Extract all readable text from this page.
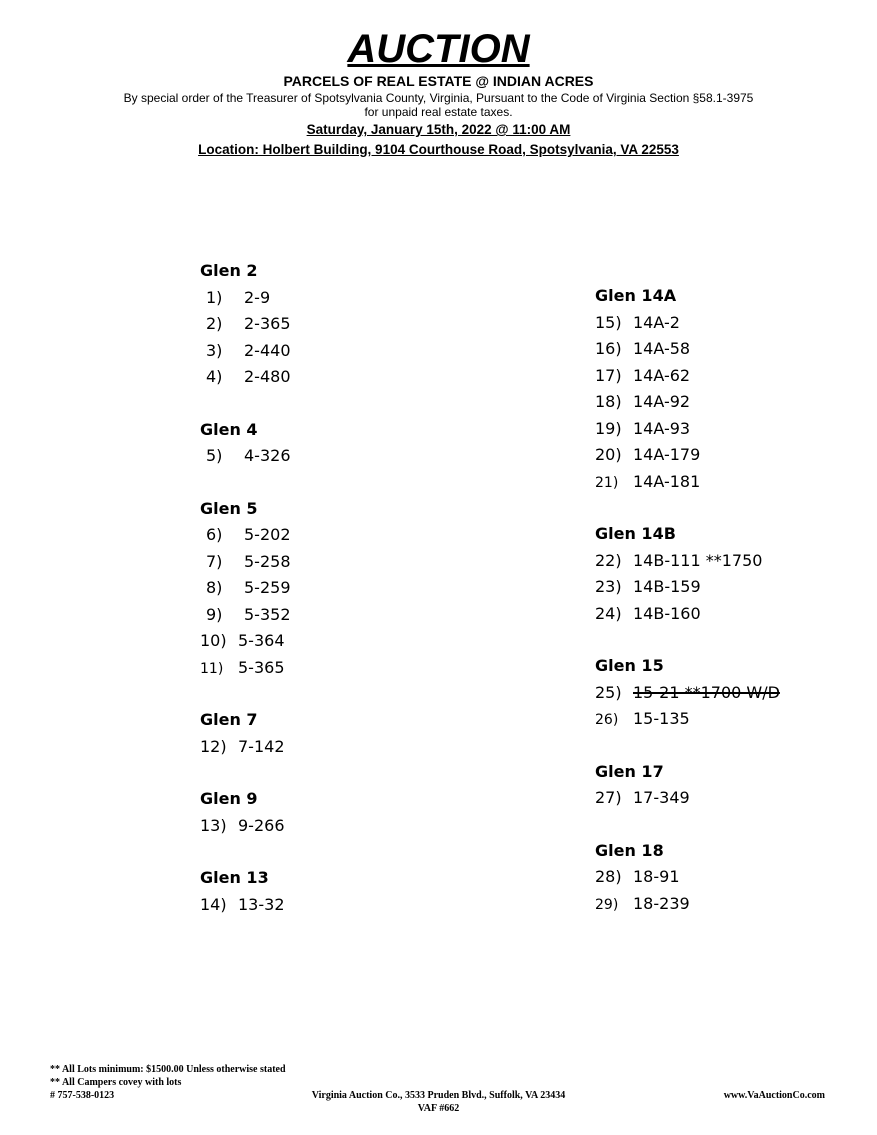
AUCTION
PARCELS OF REAL ESTATE @ INDIAN ACRES
By special order of the Treasurer of Spotsylvania County, Virginia, Pursuant to the Code of Virginia Section §58.1-3975
for unpaid real estate taxes.
Saturday, January 15th, 2022 @ 11:00 AM
Location: Holbert Building, 9104 Courthouse Road, Spotsylvania, VA 22553
Glen 2
1) 2-9
2) 2-365
3) 2-440
4) 2-480
Glen 4
5) 4-326
Glen 5
6) 5-202
7) 5-258
8) 5-259
9) 5-352
10) 5-364
11) 5-365
Glen 7
12) 7-142
Glen 9
13) 9-266
Glen 13
14) 13-32
Glen 14A
15) 14A-2
16) 14A-58
17) 14A-62
18) 14A-92
19) 14A-93
20) 14A-179
21) 14A-181
Glen 14B
22) 14B-111 **1750
23) 14B-159
24) 14B-160
Glen 15
25) 15-21 **1700 W/D
26) 15-135
Glen 17
27) 17-349
Glen 18
28) 18-91
29) 18-239
** All Lots minimum: $1500.00 Unless otherwise stated
** All Campers covey with lots
# 757-538-0123	Virginia Auction Co., 3533 Pruden Blvd., Suffolk, VA 23434	www.VaAuctionCo.com
VAF #662
